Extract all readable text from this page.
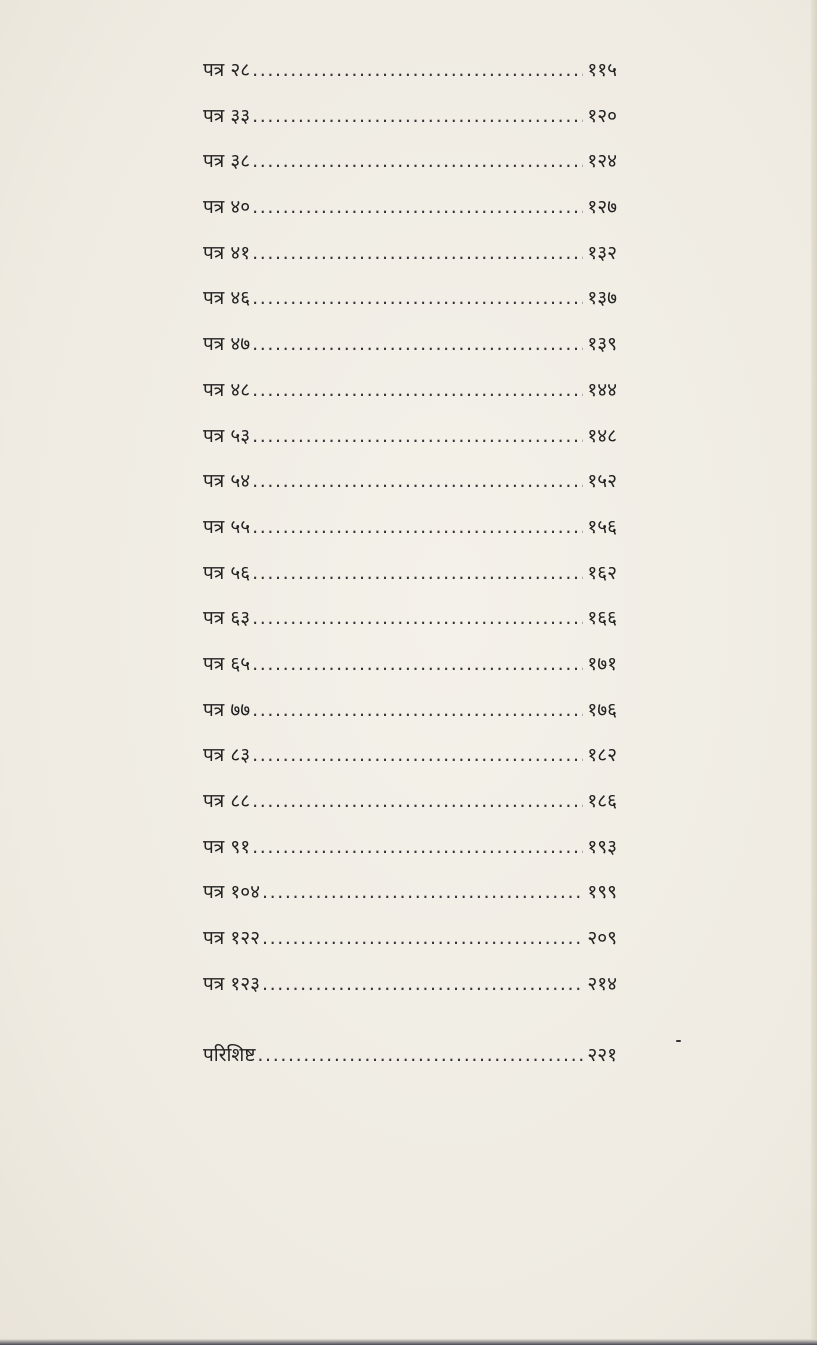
पत्र २८ .....	११५
पत्र ३३ .....	१२०
पत्र ३८ .....	१२४
पत्र ४० .....	१२७
पत्र ४१ .....	१३२
पत्र ४६ .....	१३७
पत्र ४७ .....	१३९
पत्र ४८ .....	१४४
पत्र ५३ .....	१४८
पत्र ५४ .....	१५२
पत्र ५५ .....	१५६
पत्र ५६ .....	१६२
पत्र ६३ .....	१६६
पत्र ६५ .....	१७१
पत्र ७७ .....	१७६
पत्र ८३ .....	१८२
पत्र ८८ .....	१८६
पत्र ९१ .....	१९३
पत्र १०४ .....	१९९
पत्र १२२ .....	२०९
पत्र १२३ .....	२१४
परिशिष्ट .....	२२१
